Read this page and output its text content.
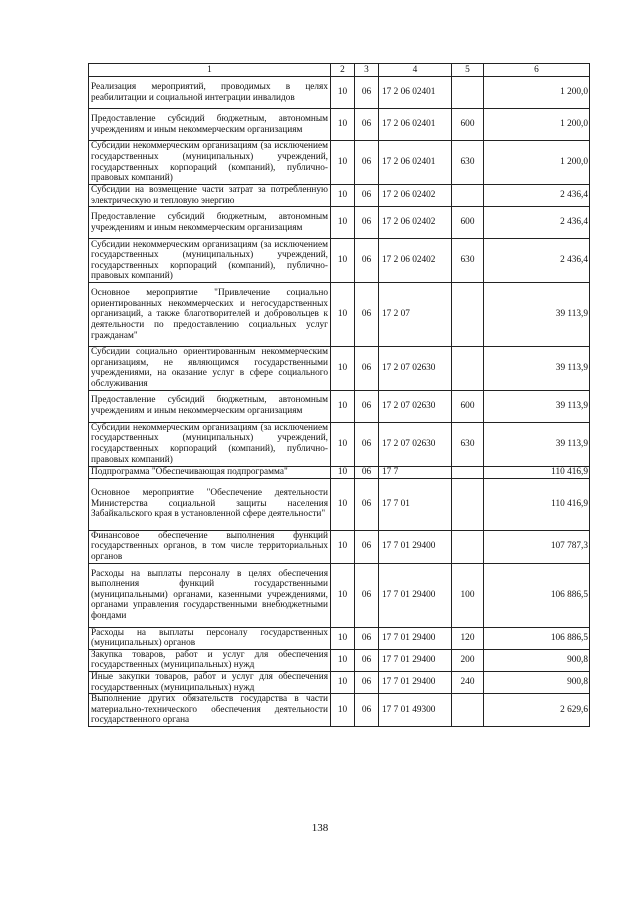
1	2	3	4	5	6
Реализация мероприятий, проводимых в целях реабилитации и социальной интеграции инвалидов	10	06	17 2 06 02401		1 200,0
Предоставление субсидий бюджетным, автономным учреждениям и иным некоммерческим организациям	10	06	17 2 06 02401	600	1 200,0
Субсидии некоммерческим организациям (за исключением государственных (муниципальных) учреждений, государственных корпораций (компаний), публично-правовых компаний)	10	06	17 2 06 02401	630	1 200,0
Субсидии на возмещение части затрат за потребленную электрическую и тепловую энергию	10	06	17 2 06 02402		2 436,4
Предоставление субсидий бюджетным, автономным учреждениям и иным некоммерческим организациям	10	06	17 2 06 02402	600	2 436,4
Субсидии некоммерческим организациям (за исключением государственных (муниципальных) учреждений, государственных корпораций (компаний), публично-правовых компаний)	10	06	17 2 06 02402	630	2 436,4
Основное мероприятие "Привлечение социально ориентированных некоммерческих и негосударственных организаций, а также благотворителей и добровольцев к деятельности по предоставлению социальных услуг гражданам"	10	06	17 2 07		39 113,9
Субсидии социально ориентированным некоммерческим организациям, не являющимся государственными учреждениями, на оказание услуг в сфере социального обслуживания	10	06	17 2 07 02630		39 113,9
Предоставление субсидий бюджетным, автономным учреждениям и иным некоммерческим организациям	10	06	17 2 07 02630	600	39 113,9
Субсидии некоммерческим организациям (за исключением государственных (муниципальных) учреждений, государственных корпораций (компаний), публично-правовых компаний)	10	06	17 2 07 02630	630	39 113,9
Подпрограмма "Обеспечивающая подпрограмма"	10	06	17 7		110 416,9
Основное мероприятие "Обеспечение деятельности Министерства социальной защиты населения Забайкальского края в установленной сфере деятельности"	10	06	17 7 01		110 416,9
Финансовое обеспечение выполнения функций государственных органов, в том числе территориальных органов	10	06	17 7 01 29400		107 787,3
Расходы на выплаты персоналу в целях обеспечения выполнения функций государственными (муниципальными) органами, казенными учреждениями, органами управления государственными внебюджетными фондами	10	06	17 7 01 29400	100	106 886,5
Расходы на выплаты персоналу государственных (муниципальных) органов	10	06	17 7 01 29400	120	106 886,5
Закупка товаров, работ и услуг для обеспечения государственных (муниципальных) нужд	10	06	17 7 01 29400	200	900,8
Иные закупки товаров, работ и услуг для обеспечения государственных (муниципальных) нужд	10	06	17 7 01 29400	240	900,8
Выполнение других обязательств государства в части материально-технического обеспечения деятельности государственного органа	10	06	17 7 01 49300		2 629,6
138
